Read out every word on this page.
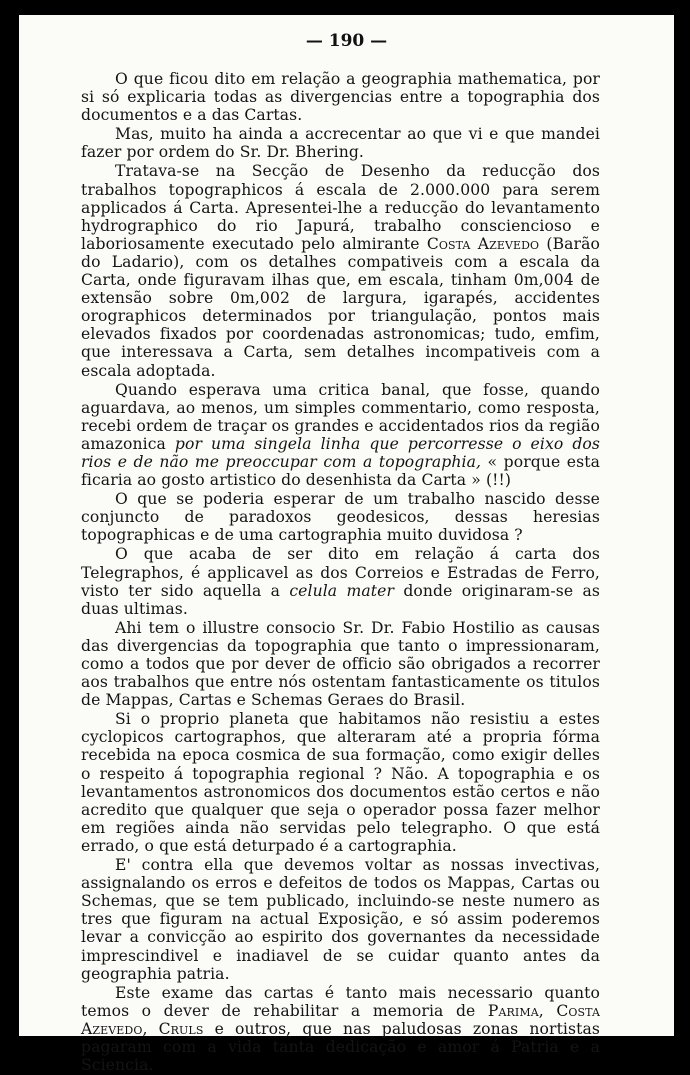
— 190 —

O que ficou dito em relação a geographia mathematica, por si só explicaria todas as divergencias entre a topographia dos documentos e a das Cartas.

Mas, muito ha ainda a accrecentar ao que vi e que mandei fazer por ordem do Sr. Dr. Bhering.

Tratava-se na Secção de Desenho da reducção dos trabalhos topographicos á escala de 2.000.000 para serem applicados á Carta. Apresentei-lhe a reducção do levantamento hydrographico do rio Japurá, trabalho consciencioso e laboriosamente executado pelo almirante Costa Azevedo (Barão do Ladario), com os detalhes compativeis com a escala da Carta, onde figuravam ilhas que, em escala, tinham 0m,004 de extensão sobre 0m,002 de largura, igarapés, accidentes orographicos determinados por triangulação, pontos mais elevados fixados por coordenadas astronomicas; tudo, emfim, que interessava a Carta, sem detalhes incompativeis com a escala adoptada.

Quando esperava uma critica banal, que fosse, quando aguardava, ao menos, um simples commentario, como resposta, recebi ordem de traçar os grandes e accidentados rios da região amazonica por uma singela linha que percorresse o eixo dos rios e de não me preoccupar com a topographia, « porque esta ficaria ao gosto artistico do desenhista da Carta » (!!)

O que se poderia esperar de um trabalho nascido desse conjuncto de paradoxos geodesicos, dessas heresias topographicas e de uma cartographia muito duvidosa ?

O que acaba de ser dito em relação á carta dos Telegraphos, é applicavel as dos Correios e Estradas de Ferro, visto ter sido aquella a celula mater donde originaram-se as duas ultimas.

Ahi tem o illustre consocio Sr. Dr. Fabio Hostilio as causas das divergencias da topographia que tanto o impressionaram, como a todos que por dever de officio são obrigados a recorrer aos trabalhos que entre nós ostentam fantasticamente os titulos de Mappas, Cartas e Schemas Geraes do Brasil.

Si o proprio planeta que habitamos não resistiu a estes cyclopicos cartographos, que alteraram até a propria fórma recebida na epoca cosmica de sua formação, como exigir delles o respeito á topographia regional ? Não. A topographia e os levantamentos astronomicos dos documentos estão certos e não acredito que qualquer que seja o operador possa fazer melhor em regiões ainda não servidas pelo telegrapho. O que está errado, o que está deturpado é a cartographia.

E' contra ella que devemos voltar as nossas invectivas, assignalando os erros e defeitos de todos os Mappas, Cartas ou Schemas, que se tem publicado, incluindo-se neste numero as tres que figuram na actual Exposição, e só assim poderemos levar a convicção ao espirito dos governantes da necessidade imprescindivel e inadiavel de se cuidar quanto antes da geographia patria.

Este exame das cartas é tanto mais necessario quanto temos o dever de rehabilitar a memoria de Parima, Costa Azevedo, Cruls e outros, que nas paludosas zonas nortistas pagaram com a vida tanta dedicação e amor á Patria e a Sciencia.
